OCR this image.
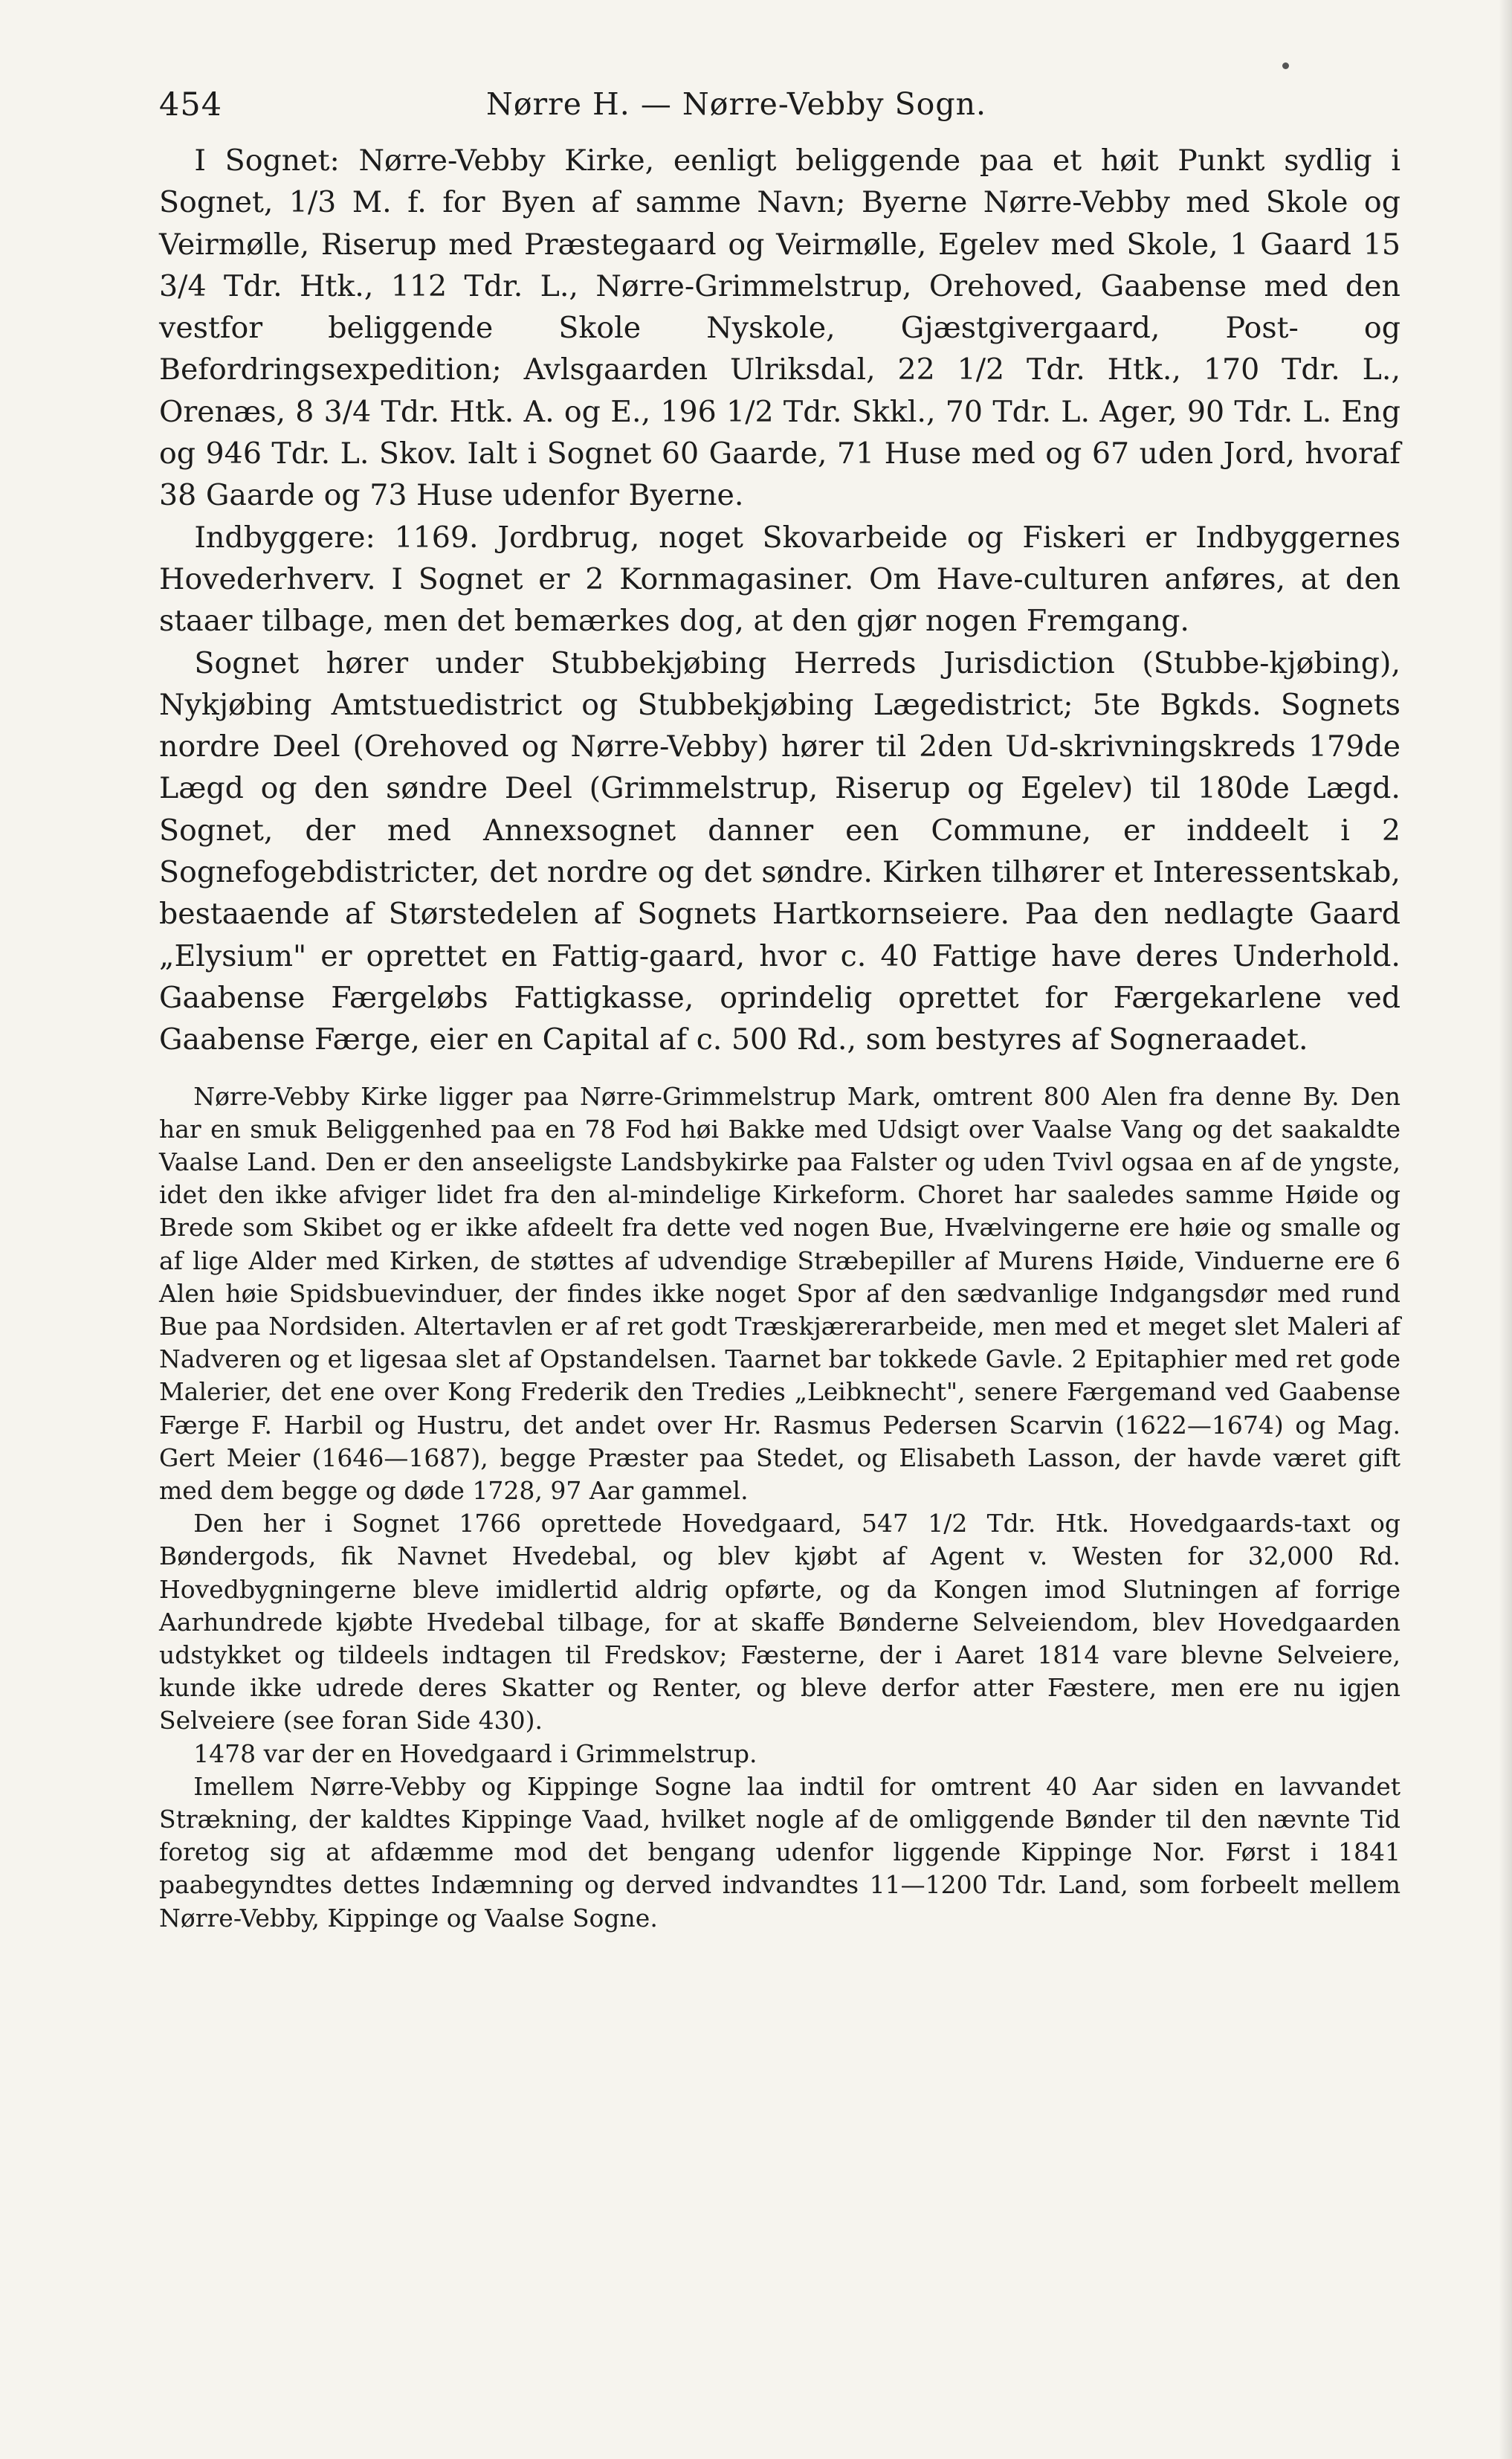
454	Nørre H. — Nørre-Vebby Sogn.

I Sognet: Nørre-Vebby Kirke, eenligt beliggende paa et høit Punkt sydlig i Sognet, 1/3 M. f. for Byen af samme Navn; Byerne Nørre-Vebby med Skole og Veirmølle, Riserup med Præstegaard og Veirmølle, Egelev med Skole, 1 Gaard 15 3/4 Tdr. Htk., 112 Tdr. L., Nørre-Grimmelstrup, Orehoved, Gaabense med den vestfor beliggende Skole Nyskole, Gjæstgivergaard, Post- og Befordringsexpedition; Avlsgaarden Ulriksdal, 22 1/2 Tdr. Htk., 170 Tdr. L., Orenæs, 8 3/4 Tdr. Htk. A. og E., 196 1/2 Tdr. Skkl., 70 Tdr. L. Ager, 90 Tdr. L. Eng og 946 Tdr. L. Skov. Ialt i Sognet 60 Gaarde, 71 Huse med og 67 uden Jord, hvoraf 38 Gaarde og 73 Huse udenfor Byerne.

Indbyggere: 1169. Jordbrug, noget Skovarbeide og Fiskeri er Indbyggernes Hovederhverv. I Sognet er 2 Kornmagasiner. Om Have-culturen anføres, at den staaer tilbage, men det bemærkes dog, at den gjør nogen Fremgang.

Sognet hører under Stubbekjøbing Herreds Jurisdiction (Stubbe-kjøbing), Nykjøbing Amtstuedistrict og Stubbekjøbing Lægedistrict; 5te Bgkds. Sognets nordre Deel (Orehoved og Nørre-Vebby) hører til 2den Ud-skrivningskreds 179de Lægd og den søndre Deel (Grimmelstrup, Riserup og Egelev) til 180de Lægd. Sognet, der med Annexsognet danner een Commune, er inddeelt i 2 Sognefogebdistricter, det nordre og det søndre. Kirken tilhører et Interessentskab, bestaaende af Størstedelen af Sognets Hartkornseiere. Paa den nedlagte Gaard „Elysium" er oprettet en Fattig-gaard, hvor c. 40 Fattige have deres Underhold. Gaabense Færgeløbs Fattigkasse, oprindelig oprettet for Færgekarlene ved Gaabense Færge, eier en Capital af c. 500 Rd., som bestyres af Sogneraadet.

Nørre-Vebby Kirke ligger paa Nørre-Grimmelstrup Mark, omtrent 800 Alen fra denne By. Den har en smuk Beliggenhed paa en 78 Fod høi Bakke med Udsigt over Vaalse Vang og det saakaldte Vaalse Land. Den er den anseeligste Landsbykirke paa Falster og uden Tvivl ogsaa en af de yngste, idet den ikke afviger lidet fra den al-mindelige Kirkeform. Choret har saaledes samme Høide og Brede som Skibet og er ikke afdeelt fra dette ved nogen Bue, Hvælvingerne ere høie og smalle og af lige Alder med Kirken, de støttes af udvendige Stræbepiller af Murens Høide, Vinduerne ere 6 Alen høie Spidsbuevinduer, der findes ikke noget Spor af den sædvanlige Indgangsdør med rund Bue paa Nordsiden. Altertavlen er af ret godt Træskjærerarbeide, men med et meget slet Maleri af Nadveren og et ligesaa slet af Opstandelsen. Taarnet bar tokkede Gavle. 2 Epitaphier med ret gode Malerier, det ene over Kong Frederik den Tredies „Leibknecht", senere Færgemand ved Gaabense Færge F. Harbil og Hustru, det andet over Hr. Rasmus Pedersen Scarvin (1622—1674) og Mag. Gert Meier (1646—1687), begge Præster paa Stedet, og Elisabeth Lasson, der havde været gift med dem begge og døde 1728, 97 Aar gammel.

Den her i Sognet 1766 oprettede Hovedgaard, 547 1/2 Tdr. Htk. Hovedgaards-taxt og Bøndergods, fik Navnet Hvedebal, og blev kjøbt af Agent v. Westen for 32,000 Rd. Hovedbygningerne bleve imidlertid aldrig opførte, og da Kongen imod Slutningen af forrige Aarhundrede kjøbte Hvedebal tilbage, for at skaffe Bønderne Selveiendom, blev Hovedgaarden udstykket og tildeels indtagen til Fredskov; Fæsterne, der i Aaret 1814 vare blevne Selveiere, kunde ikke udrede deres Skatter og Renter, og bleve derfor atter Fæstere, men ere nu igjen Selveiere (see foran Side 430).

1478 var der en Hovedgaard i Grimmelstrup.

Imellem Nørre-Vebby og Kippinge Sogne laa indtil for omtrent 40 Aar siden en lavvandet Strækning, der kaldtes Kippinge Vaad, hvilket nogle af de omliggende Bønder til den nævnte Tid foretog sig at afdæmme mod det bengang udenfor liggende Kippinge Nor. Først i 1841 paabegyndtes dettes Indæmning og derved indvandtes 11—1200 Tdr. Land, som forbeelt mellem Nørre-Vebby, Kippinge og Vaalse Sogne.
